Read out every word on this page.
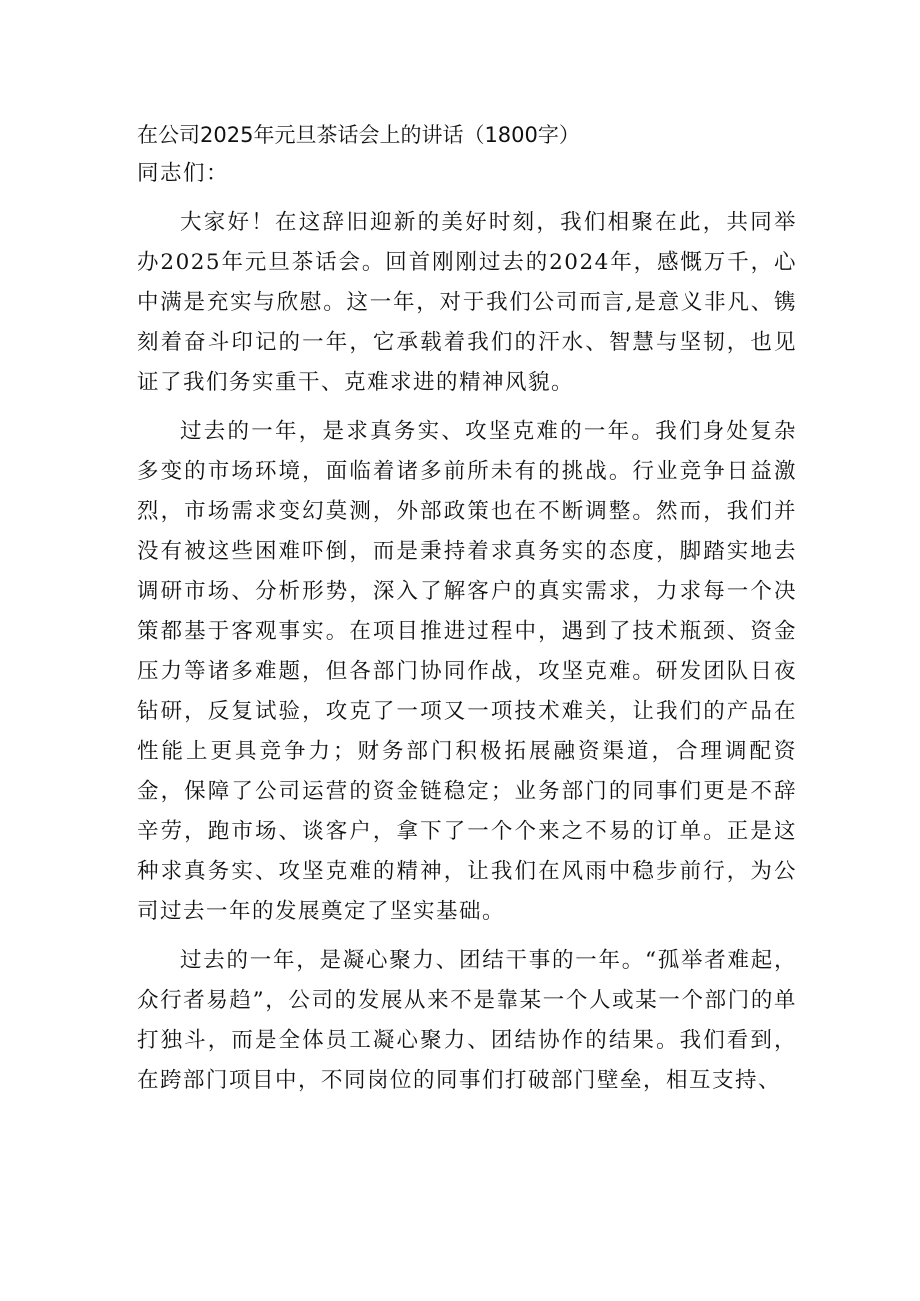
在公司2025年元旦茶话会上的讲话（1800字）

同志们：

大家好！在这辞旧迎新的美好时刻，我们相聚在此，共同举办2025年元旦茶话会。回首刚刚过去的2024年，感慨万千，心中满是充实与欣慰。这一年，对于我们公司而言,是意义非凡、镌刻着奋斗印记的一年，它承载着我们的汗水、智慧与坚韧，也见证了我们务实重干、克难求进的精神风貌。

过去的一年，是求真务实、攻坚克难的一年。我们身处复杂多变的市场环境，面临着诸多前所未有的挑战。行业竞争日益激烈，市场需求变幻莫测，外部政策也在不断调整。然而，我们并没有被这些困难吓倒，而是秉持着求真务实的态度，脚踏实地去调研市场、分析形势，深入了解客户的真实需求，力求每一个决策都基于客观事实。在项目推进过程中，遇到了技术瓶颈、资金压力等诸多难题，但各部门协同作战，攻坚克难。研发团队日夜钻研，反复试验，攻克了一项又一项技术难关，让我们的产品在性能上更具竞争力；财务部门积极拓展融资渠道，合理调配资金，保障了公司运营的资金链稳定；业务部门的同事们更是不辞辛劳，跑市场、谈客户，拿下了一个个来之不易的订单。正是这种求真务实、攻坚克难的精神，让我们在风雨中稳步前行，为公司过去一年的发展奠定了坚实基础。

过去的一年，是凝心聚力、团结干事的一年。“孤举者难起，众行者易趋”，公司的发展从来不是靠某一个人或某一个部门的单打独斗，而是全体员工凝心聚力、团结协作的结果。我们看到，在跨部门项目中，不同岗位的同事们打破部门壁垒，相互支持、
